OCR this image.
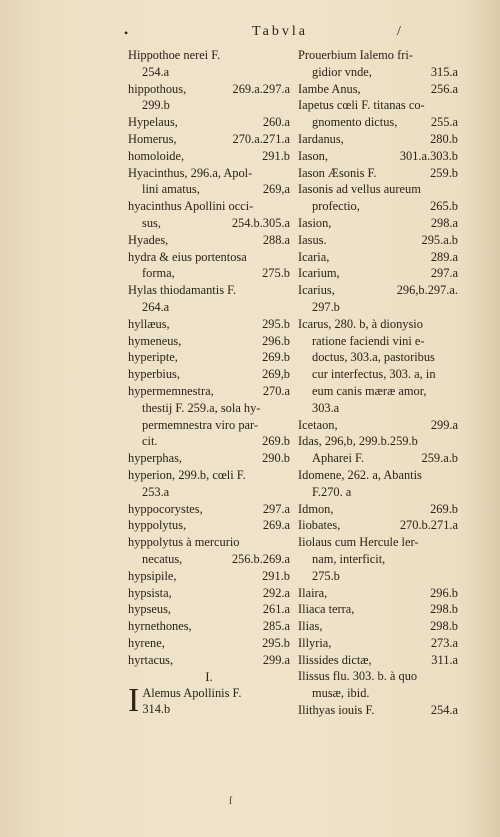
•	Tabvla	/
Hippothoe nerei F.
254.a
hippothous,	269.a.297.a
299.b
Hypelaus,	260.a
Homerus,	270.a.271.a
homoloide,	291.b
Hyacinthus, 296.a, Apol-
lini amatus,	269,a
hyacinthus Apollini occi-
sus,	254.b.305.a
Hyades,	288.a
hydra & eius portentosa
forma,	275.b
Hylas thiodamantis F.
264.a
hyllæus,	295.b
hymeneus,	296.b
hyperipte,	269.b
hyperbius,	269,b
hypermemnestra,	270.a
thestij F. 259.a, sola hy-
permemnestra viro par-
cit.	269.b
hyperphas,	290.b
hyperion, 299.b, cœli F.
253.a
hyppocorystes,	297.a
hyppolytus,	269.a
hyppolytus à mercurio
necatus,	256.b.269.a
hypsipile,	291.b
hypsista,	292.a
hypseus,	261.a
hyrnethones,	285.a
hyrene,	295.b
hyrtacus,	299.a
I.
I Alemus Apollinis F.
314.b
Prouerbium Ialemo fri-
gidior vnde,	315.a
Iambe Anus,	256.a
Iapetus cœli F. titanas co-
gnomento dictus,	255.a
Iardanus,	280.b
Iason,	301.a.303.b
Iason Æsonis F.	259.b
Iasonis ad vellus aureum
profectio,	265.b
Iasion,	298.a
Iasus.	295.a.b
Icaria,	289.a
Icarium,	297.a
Icarius,	296,b.297.a.
297.b
Icarus, 280. b, à dionysio
ratione faciendi vini e-
doctus, 303.a, pastoribus
cur interfectus, 303. a, in
eum canis mæræ amor,
303.a
Icetaon,	299.a
Idas, 296,b, 299.b.259.b
Apharei F.	259.a.b
Idomene, 262. a, Abantis
F.270. a
Idmon,	269.b
Iiobates,	270.b.271.a
Iiolaus cum Hercule ler-
nam, interficit,
275.b
Ilaira,	296.b
Iliaca terra,	298.b
Ilias,	298.b
Illyria,	273.a
Ilissides dictæ,	311.a
Ilissus flu. 303. b. à quo
musæ, ibid.
Ilithyas iouis F.	254.a
ſ
